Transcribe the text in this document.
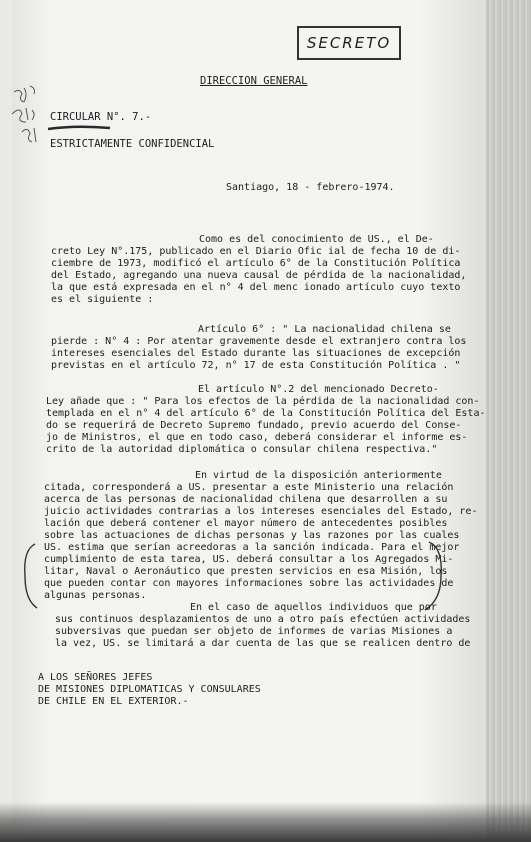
SECRETO
DIRECCION GENERAL
CIRCULAR N°. 7.-
ESTRICTAMENTE CONFIDENCIAL
Santiago, 18 - febrero-1974.
Como es del conocimiento de US., el De-
creto Ley N°.175, publicado en el Diario Ofic ial de fecha 10 de di-
ciembre de 1973, modificó el artículo 6° de la Constitución Política
del Estado, agregando una nueva causal de pérdida de la nacionalidad,
la que está expresada en el n° 4 del menc ionado artículo cuyo texto
es el siguiente :
Artículo 6° : " La nacionalidad chilena se
pierde : N° 4 : Por atentar gravemente desde el extranjero contra los
intereses esenciales del Estado durante las situaciones de excepción
previstas en el artículo 72, n° 17 de esta Constitución Política . "
El artículo N°.2 del mencionado Decreto-
Ley añade que : " Para los efectos de la pérdida de la nacionalidad con-
templada en el n° 4 del artículo 6° de la Constitución Política del Esta-
do se requerirá de Decreto Supremo fundado, previo acuerdo del Conse-
jo de Ministros, el que en todo caso, deberá considerar el informe es-
crito de la autoridad diplomática o consular chilena respectiva."
En virtud de la disposición anteriormente
citada, corresponderá a US. presentar a este Ministerio una relación
acerca de las personas de nacionalidad chilena que desarrollen a su
juicio actividades contrarias a los intereses esenciales del Estado, re-
lación que deberá contener el mayor número de antecedentes posibles
sobre las actuaciones de dichas personas y las razones por las cuales
US. estima que serían acreedoras a la sanción indicada. Para el mejor
cumplimiento de esta tarea, US. deberá consultar a los Agregados Mi-
litar, Naval o Aeronáutico que presten servicios en esa Misión, los
que pueden contar con mayores informaciones sobre las actividades de
algunas personas.
En el caso de aquellos individuos que por
sus continuos desplazamientos de uno a otro país efectúen actividades
subversivas que puedan ser objeto de informes de varias Misiones a
la vez, US. se limitará a dar cuenta de las que se realicen dentro de
A LOS SEÑORES JEFES
DE MISIONES DIPLOMATICAS Y CONSULARES
DE CHILE EN EL EXTERIOR.-
